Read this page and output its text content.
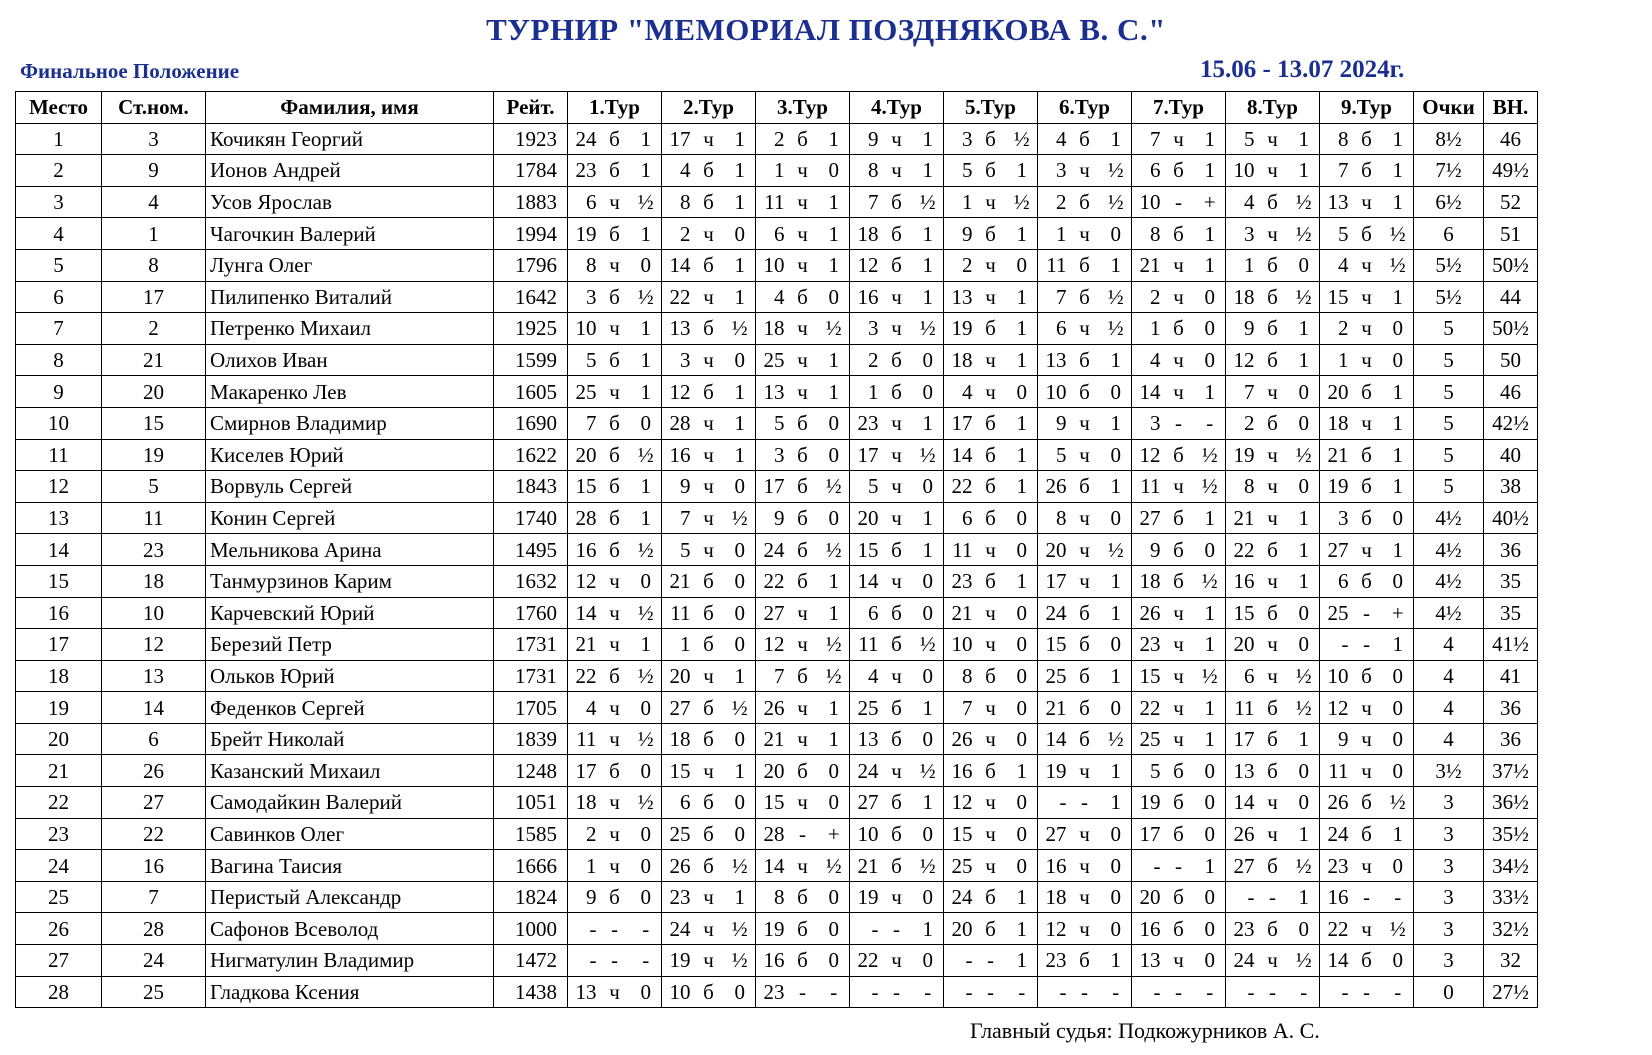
ТУРНИР "МЕМОРИАЛ ПОЗДНЯКОВА В. С."
Финальное Положение	15.06 - 13.07 2024г.
Место	Ст.ном.	Фамилия, имя	Рейт.	1.Тур			2.Тур			3.Тур			4.Тур			5.Тур			6.Тур			7.Тур			8.Тур			9.Тур			Очки	ВН.
1	3	Кочикян Георгий	1923	24	б	1	17	ч	1	2	б	1	9	ч	1	3	б	½	4	б	1	7	ч	1	5	ч	1	8	б	1	8½	46
2	9	Ионов Андрей	1784	23	б	1	4	б	1	1	ч	0	8	ч	1	5	б	1	3	ч	½	6	б	1	10	ч	1	7	б	1	7½	49½
3	4	Усов Ярослав	1883	6	ч	½	8	б	1	11	ч	1	7	б	½	1	ч	½	2	б	½	10	-	+	4	б	½	13	ч	1	6½	52
4	1	Чагочкин Валерий	1994	19	б	1	2	ч	0	6	ч	1	18	б	1	9	б	1	1	ч	0	8	б	1	3	ч	½	5	б	½	6	51
5	8	Лунга Олег	1796	8	ч	0	14	б	1	10	ч	1	12	б	1	2	ч	0	11	б	1	21	ч	1	1	б	0	4	ч	½	5½	50½
6	17	Пилипенко Виталий	1642	3	б	½	22	ч	1	4	б	0	16	ч	1	13	ч	1	7	б	½	2	ч	0	18	б	½	15	ч	1	5½	44
7	2	Петренко Михаил	1925	10	ч	1	13	б	½	18	ч	½	3	ч	½	19	б	1	6	ч	½	1	б	0	9	б	1	2	ч	0	5	50½
8	21	Олихов Иван	1599	5	б	1	3	ч	0	25	ч	1	2	б	0	18	ч	1	13	б	1	4	ч	0	12	б	1	1	ч	0	5	50
9	20	Макаренко Лев	1605	25	ч	1	12	б	1	13	ч	1	1	б	0	4	ч	0	10	б	0	14	ч	1	7	ч	0	20	б	1	5	46
10	15	Смирнов Владимир	1690	7	б	0	28	ч	1	5	б	0	23	ч	1	17	б	1	9	ч	1	3	-	-	2	б	0	18	ч	1	5	42½
11	19	Киселев Юрий	1622	20	б	½	16	ч	1	3	б	0	17	ч	½	14	б	1	5	ч	0	12	б	½	19	ч	½	21	б	1	5	40
12	5	Ворвуль Сергей	1843	15	б	1	9	ч	0	17	б	½	5	ч	0	22	б	1	26	б	1	11	ч	½	8	ч	0	19	б	1	5	38
13	11	Конин Сергей	1740	28	б	1	7	ч	½	9	б	0	20	ч	1	6	б	0	8	ч	0	27	б	1	21	ч	1	3	б	0	4½	40½
14	23	Мельникова Арина	1495	16	б	½	5	ч	0	24	б	½	15	б	1	11	ч	0	20	ч	½	9	б	0	22	б	1	27	ч	1	4½	36
15	18	Танмурзинов Карим	1632	12	ч	0	21	б	0	22	б	1	14	ч	0	23	б	1	17	ч	1	18	б	½	16	ч	1	6	б	0	4½	35
16	10	Карчевский Юрий	1760	14	ч	½	11	б	0	27	ч	1	6	б	0	21	ч	0	24	б	1	26	ч	1	15	б	0	25	-	+	4½	35
17	12	Березий Петр	1731	21	ч	1	1	б	0	12	ч	½	11	б	½	10	ч	0	15	б	0	23	ч	1	20	ч	0	-	-	1	4	41½
18	13	Ольков Юрий	1731	22	б	½	20	ч	1	7	б	½	4	ч	0	8	б	0	25	б	1	15	ч	½	6	ч	½	10	б	0	4	41
19	14	Феденков Сергей	1705	4	ч	0	27	б	½	26	ч	1	25	б	1	7	ч	0	21	б	0	22	ч	1	11	б	½	12	ч	0	4	36
20	6	Брейт Николай	1839	11	ч	½	18	б	0	21	ч	1	13	б	0	26	ч	0	14	б	½	25	ч	1	17	б	1	9	ч	0	4	36
21	26	Казанский Михаил	1248	17	б	0	15	ч	1	20	б	0	24	ч	½	16	б	1	19	ч	1	5	б	0	13	б	0	11	ч	0	3½	37½
22	27	Самодайкин Валерий	1051	18	ч	½	6	б	0	15	ч	0	27	б	1	12	ч	0	-	-	1	19	б	0	14	ч	0	26	б	½	3	36½
23	22	Савинков Олег	1585	2	ч	0	25	б	0	28	-	+	10	б	0	15	ч	0	27	ч	0	17	б	0	26	ч	1	24	б	1	3	35½
24	16	Вагина Таисия	1666	1	ч	0	26	б	½	14	ч	½	21	б	½	25	ч	0	16	ч	0	-	-	1	27	б	½	23	ч	0	3	34½
25	7	Перистый Александр	1824	9	б	0	23	ч	1	8	б	0	19	ч	0	24	б	1	18	ч	0	20	б	0	-	-	1	16	-	-	3	33½
26	28	Сафонов Всеволод	1000	-	-	-	24	ч	½	19	б	0	-	-	1	20	б	1	12	ч	0	16	б	0	23	б	0	22	ч	½	3	32½
27	24	Нигматулин Владимир	1472	-	-	-	19	ч	½	16	б	0	22	ч	0	-	-	1	23	б	1	13	ч	0	24	ч	½	14	б	0	3	32
28	25	Гладкова Ксения	1438	13	ч	0	10	б	0	23	-	-	-	-	-	-	-	-	-	-	-	-	-	-	-	-	-	-	-	-	0	27½
Главный судья: Подкожурников А. С.
